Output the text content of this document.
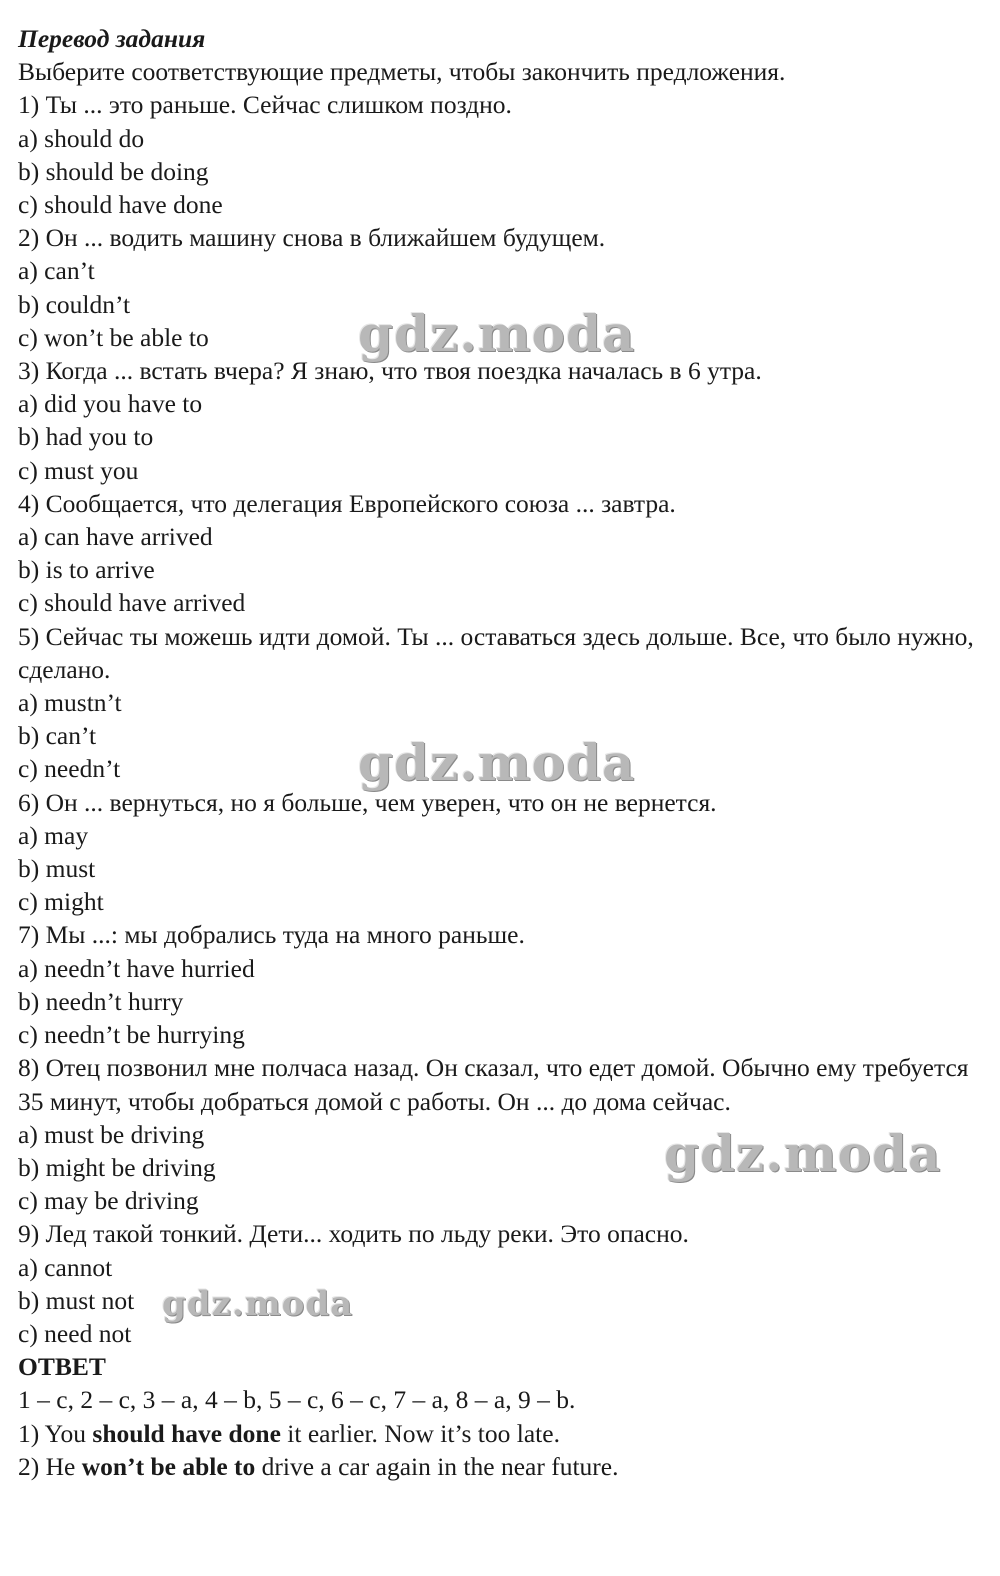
Перевод задания
Выберите соответствующие предметы, чтобы закончить предложения.
1) Ты ... это раньше. Сейчас слишком поздно.
a) should do
b) should be doing
c) should have done
2) Он ... водить машину снова в ближайшем будущем.
a) can’t
b) couldn’t
c) won’t be able to
3) Когда ... встать вчера? Я знаю, что твоя поездка началась в 6 утра.
a) did you have to
b) had you to
c) must you
4) Сообщается, что делегация Европейского союза ... завтра.
a) can have arrived
b) is to arrive
c) should have arrived
5) Сейчас ты можешь идти домой. Ты ... оставаться здесь дольше. Все, что было нужно, сделано.
a) mustn’t
b) can’t
c) needn’t
6) Он ... вернуться, но я больше, чем уверен, что он не вернется.
a) may
b) must
c) might
7) Мы ...: мы добрались туда на много раньше.
a) needn’t have hurried
b) needn’t hurry
c) needn’t be hurrying
8) Отец позвонил мне полчаса назад. Он сказал, что едет домой. Обычно ему требуется 35 минут, чтобы добраться домой с работы. Он ... до дома сейчас.
a) must be driving
b) might be driving
c) may be driving
9) Лед такой тонкий. Дети... ходить по льду реки. Это опасно.
a) cannot
b) must not
c) need not
ОТВЕТ
1 – c, 2 – c, 3 – a, 4 – b, 5 – c, 6 – c, 7 – a, 8 – a, 9 – b.
1) You should have done it earlier. Now it’s too late.
2) He won’t be able to drive a car again in the near future.
gdz.moda
gdz.moda
gdz.moda
gdz.moda
